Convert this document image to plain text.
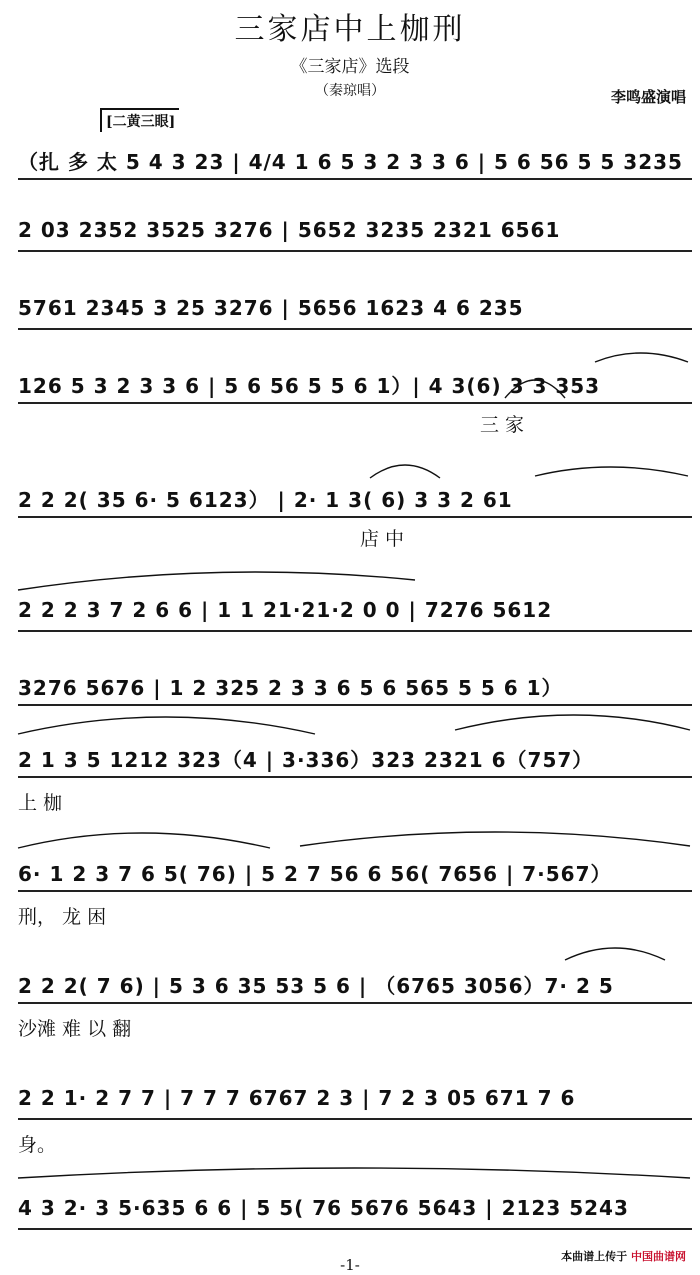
三家店中上枷刑
《三家店》选段
（秦琼唱）	李鸣盛演唱
[二黄三眼]
（扎 多 太 5 4 3 23 | 4/4 1 6 5 3 2 3 3 6 | 5 6 56 5 5 3235
2 03 2352 3525 3276 | 5652 3235 2321 6561
5761 2345 3 25 3276 | 5656 1623 4 6 235
126 5 3 2 3 3 6 | 5 6 56 5 5 6 1）| 4 3(6) 3 3 353
三 家
2 2 2( 35 6· 5 6123） | 2· 1 3( 6) 3 3 2 61
店 中
2 2 2 3 7 2 6 6 | 1 1 21·21·2 0 0 | 7276 5612
3276 5676 | 1 2 325 2 3 3 6 5 6 565 5 5 6 1）
2 1 3 5 1212 323（4 | 3·336）323 2321 6（757）
上 枷
6· 1 2 3 7 6 5( 76) | 5 2 7 56 6 56( 7656 | 7·567）
刑， 龙 困
2 2 2( 7 6) | 5 3 6 35 53 5 6 | （6765 3056）7· 2 5
沙滩 难 以 翻
2 2 1· 2 7 7 | 7 7 7 6767 2 3 | 7 2 3 05 671 7 6
身。
4 3 2· 3 5·635 6 6 | 5 5( 76 5676 5643 | 2123 5243
-1-	本曲谱上传于 中国曲谱网
